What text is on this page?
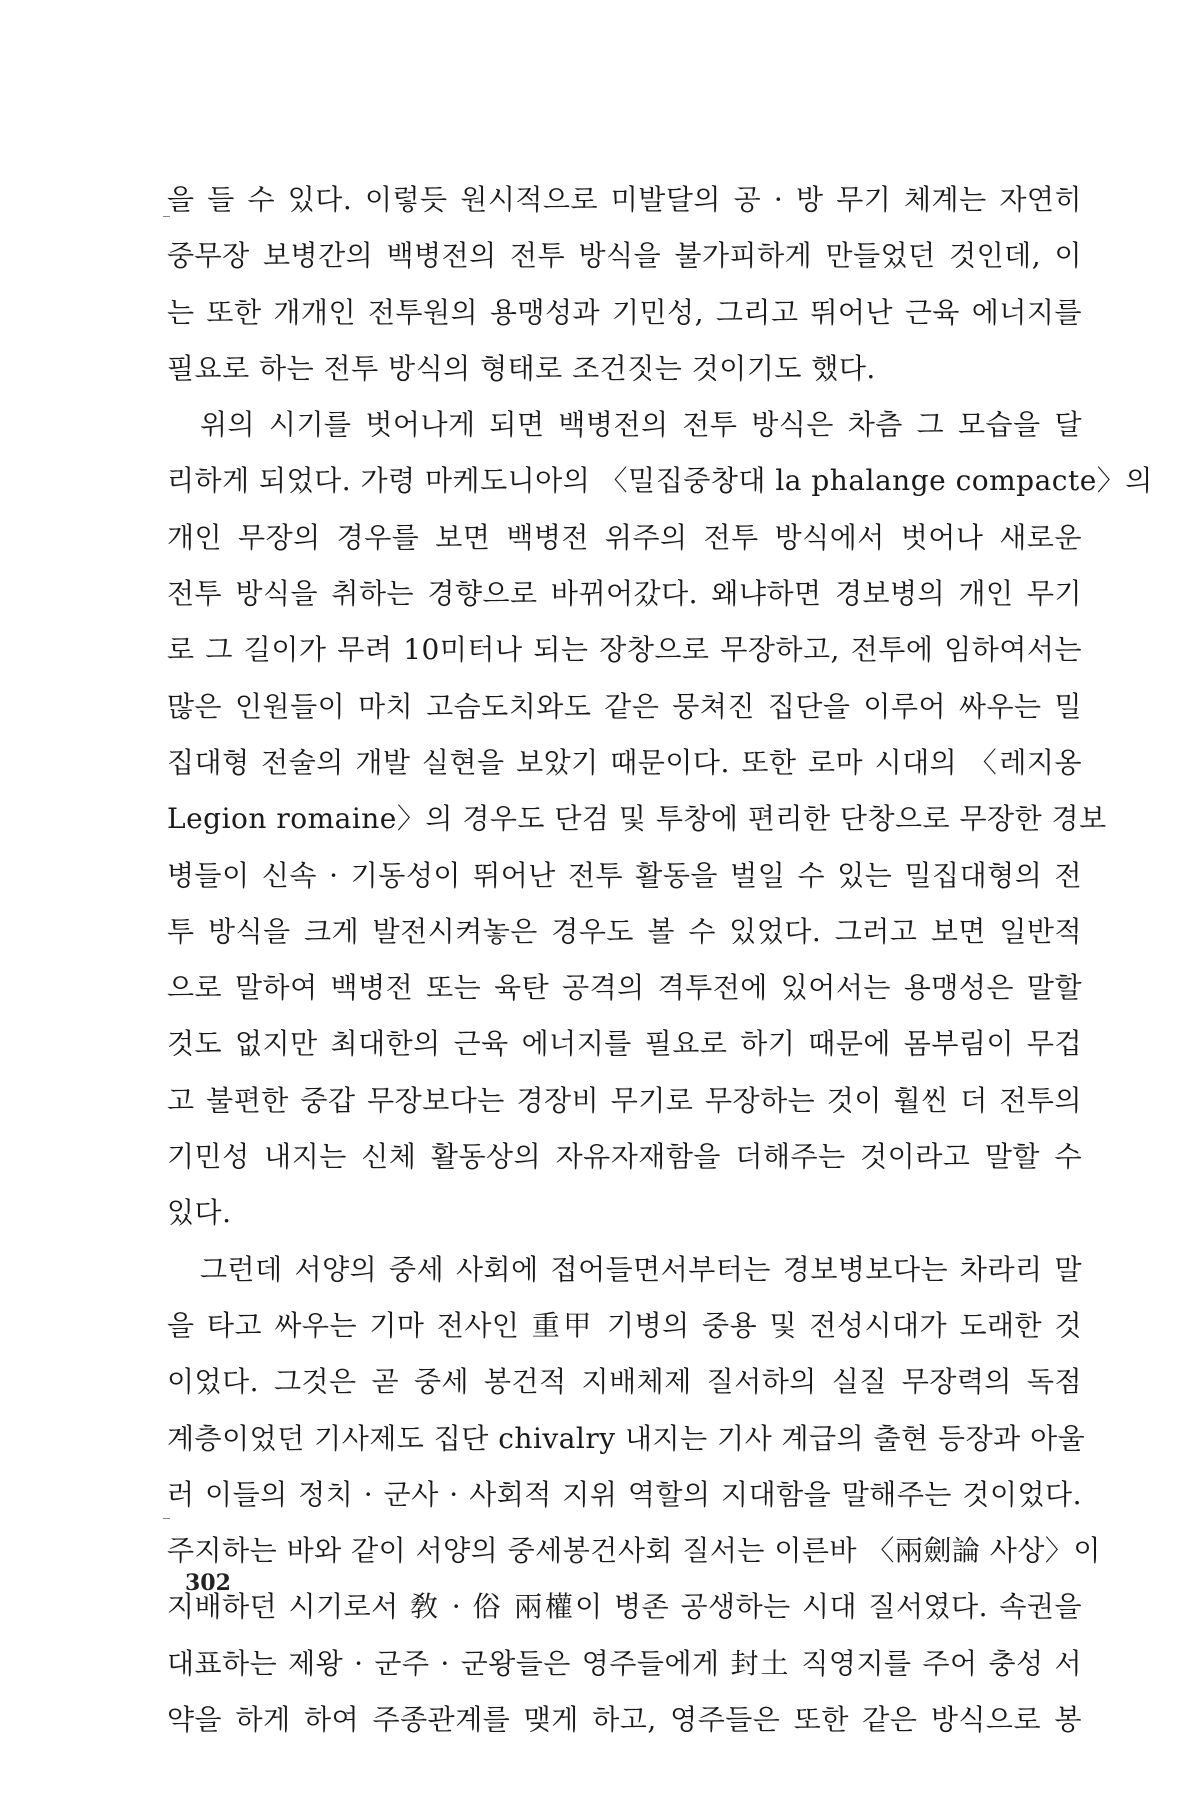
을 들 수 있다. 이렇듯 원시적으로 미발달의 공 · 방 무기 체계는 자연히
중무장 보병간의 백병전의 전투 방식을 불가피하게 만들었던 것인데, 이
는 또한 개개인 전투원의 용맹성과 기민성, 그리고 뛰어난 근육 에너지를
필요로 하는 전투 방식의 형태로 조건짓는 것이기도 했다.
위의 시기를 벗어나게 되면 백병전의 전투 방식은 차츰 그 모습을 달
리하게 되었다. 가령 마케도니아의 〈밀집중창대 la phalange compacte〉의
개인 무장의 경우를 보면 백병전 위주의 전투 방식에서 벗어나 새로운
전투 방식을 취하는 경향으로 바뀌어갔다. 왜냐하면 경보병의 개인 무기
로 그 길이가 무려 10미터나 되는 장창으로 무장하고, 전투에 임하여서는
많은 인원들이 마치 고슴도치와도 같은 뭉쳐진 집단을 이루어 싸우는 밀
집대형 전술의 개발 실현을 보았기 때문이다. 또한 로마 시대의 〈레지옹
Legion romaine〉의 경우도 단검 및 투창에 편리한 단창으로 무장한 경보
병들이 신속 · 기동성이 뛰어난 전투 활동을 벌일 수 있는 밀집대형의 전
투 방식을 크게 발전시켜놓은 경우도 볼 수 있었다. 그러고 보면 일반적
으로 말하여 백병전 또는 육탄 공격의 격투전에 있어서는 용맹성은 말할
것도 없지만 최대한의 근육 에너지를 필요로 하기 때문에 몸부림이 무겁
고 불편한 중갑 무장보다는 경장비 무기로 무장하는 것이 훨씬 더 전투의
기민성 내지는 신체 활동상의 자유자재함을 더해주는 것이라고 말할 수
있다.
그런데 서양의 중세 사회에 접어들면서부터는 경보병보다는 차라리 말
을 타고 싸우는 기마 전사인 重甲 기병의 중용 및 전성시대가 도래한 것
이었다. 그것은 곧 중세 봉건적 지배체제 질서하의 실질 무장력의 독점
계층이었던 기사제도 집단 chivalry 내지는 기사 계급의 출현 등장과 아울
러 이들의 정치 · 군사 · 사회적 지위 역할의 지대함을 말해주는 것이었다.
주지하는 바와 같이 서양의 중세봉건사회 질서는 이른바 〈兩劍論 사상〉이
지배하던 시기로서 敎 · 俗 兩權이 병존 공생하는 시대 질서였다. 속권을
대표하는 제왕 · 군주 · 군왕들은 영주들에게 封土 직영지를 주어 충성 서
약을 하게 하여 주종관계를 맺게 하고, 영주들은 또한 같은 방식으로 봉
302
